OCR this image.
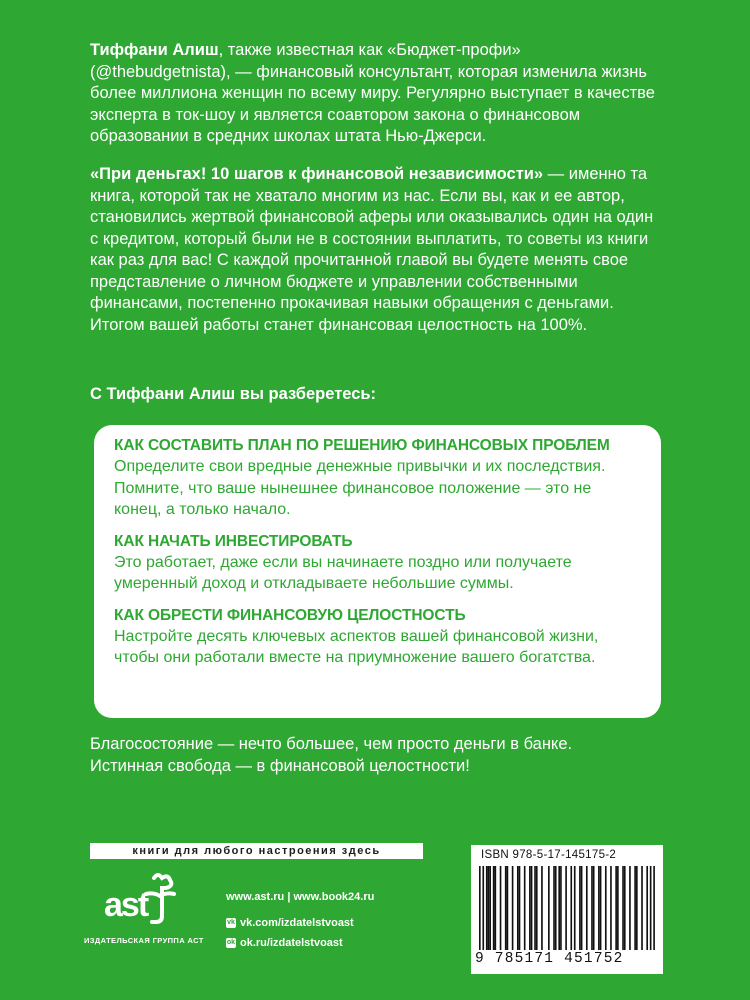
Тиффани Алиш, также известная как «Бюджет-профи» (@thebudgetnista), — финансовый консультант, которая изменила жизнь более миллиона женщин по всему миру. Регулярно выступает в качестве эксперта в ток-шоу и является соавтором закона о финансовом образовании в средних школах штата Нью-Джерси.

«При деньгах! 10 шагов к финансовой независимости» — именно та книга, которой так не хватало многим из нас. Если вы, как и ее автор, становились жертвой финансовой аферы или оказывались один на один с кредитом, который были не в состоянии выплатить, то советы из книги как раз для вас! С каждой прочитанной главой вы будете менять свое представление о личном бюджете и управлении собственными финансами, постепенно прокачивая навыки обращения с деньгами. Итогом вашей работы станет финансовая целостность на 100%.

С Тиффани Алиш вы разберетесь:
КАК СОСТАВИТЬ ПЛАН ПО РЕШЕНИЮ ФИНАНСОВЫХ ПРОБЛЕМ
Определите свои вредные денежные привычки и их последствия. Помните, что ваше нынешнее финансовое положение — это не конец, а только начало.
КАК НАЧАТЬ ИНВЕСТИРОВАТЬ
Это работает, даже если вы начинаете поздно или получаете умеренный доход и откладываете небольшие суммы.
КАК ОБРЕСТИ ФИНАНСОВУЮ ЦЕЛОСТНОСТЬ
Настройте десять ключевых аспектов вашей финансовой жизни, чтобы они работали вместе на приумножение вашего богатства.
Благосостояние — нечто большее, чем просто деньги в банке.
Истинная свобода — в финансовой целостности!
книги для любого настроения здесь
ast
ИЗДАТЕЛЬСКАЯ ГРУППА АСТ
www.ast.ru | www.book24.ru
vk vk.com/izdatelstvoast
ok ok.ru/izdatelstvoast
ISBN 978-5-17-145175-2
9 785171 451752
